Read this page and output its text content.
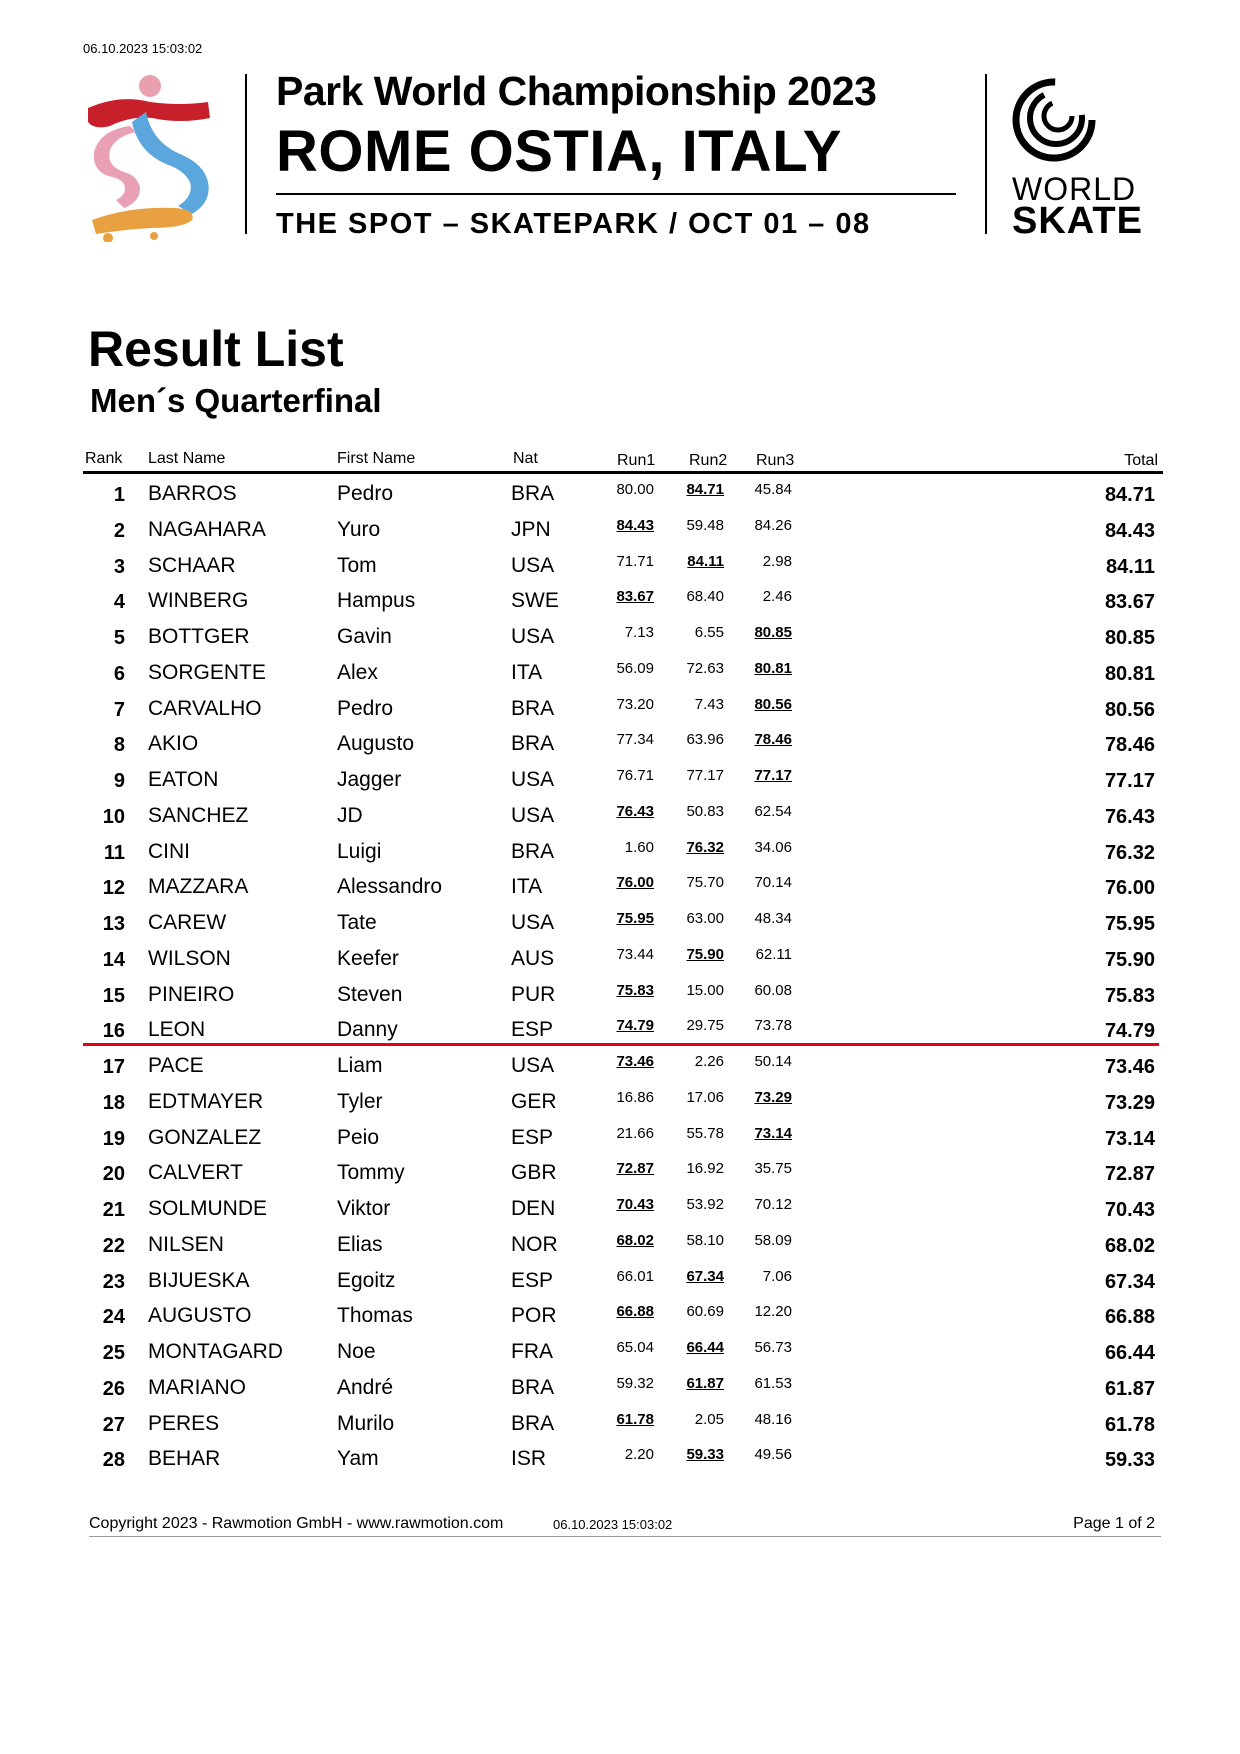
06.10.2023 15:03:02
Park World Championship 2023
ROME OSTIA, ITALY
THE SPOT – SKATEPARK / OCT 01 – 08
WORLD
SKATE
Result List
Men´s Quarterfinal
Rank Last Name	First Name	Nat	Run1 Run2 Run3	Total
1 BARROS	Pedro	BRA	80.00	84.71	45.84	84.71
2 NAGAHARA	Yuro	JPN	84.43	59.48	84.26	84.43
3 SCHAAR	Tom	USA	71.71	84.11	2.98	84.11
4 WINBERG	Hampus	SWE	83.67	68.40	2.46	83.67
5 BOTTGER	Gavin	USA	7.13	6.55	80.85	80.85
6 SORGENTE	Alex	ITA	56.09	72.63	80.81	80.81
7 CARVALHO	Pedro	BRA	73.20	7.43	80.56	80.56
8 AKIO	Augusto	BRA	77.34	63.96	78.46	78.46
9 EATON	Jagger	USA	76.71	77.17	77.17	77.17
10 SANCHEZ	JD	USA	76.43	50.83	62.54	76.43
11 CINI	Luigi	BRA	1.60	76.32	34.06	76.32
12 MAZZARA	Alessandro	ITA	76.00	75.70	70.14	76.00
13 CAREW	Tate	USA	75.95	63.00	48.34	75.95
14 WILSON	Keefer	AUS	73.44	75.90	62.11	75.90
15 PINEIRO	Steven	PUR	75.83	15.00	60.08	75.83
16 LEON	Danny	ESP	74.79	29.75	73.78	74.79
17 PACE	Liam	USA	73.46	2.26	50.14	73.46
18 EDTMAYER	Tyler	GER	16.86	17.06	73.29	73.29
19 GONZALEZ	Peio	ESP	21.66	55.78	73.14	73.14
20 CALVERT	Tommy	GBR	72.87	16.92	35.75	72.87
21 SOLMUNDE	Viktor	DEN	70.43	53.92	70.12	70.43
22 NILSEN	Elias	NOR	68.02	58.10	58.09	68.02
23 BIJUESKA	Egoitz	ESP	66.01	67.34	7.06	67.34
24 AUGUSTO	Thomas	POR	66.88	60.69	12.20	66.88
25 MONTAGARD	Noe	FRA	65.04	66.44	56.73	66.44
26 MARIANO	André	BRA	59.32	61.87	61.53	61.87
27 PERES	Murilo	BRA	61.78	2.05	48.16	61.78
28 BEHAR	Yam	ISR	2.20	59.33	49.56	59.33
Copyright 2023 - Rawmotion GmbH - www.rawmotion.com	06.10.2023 15:03:02	Page 1 of 2
